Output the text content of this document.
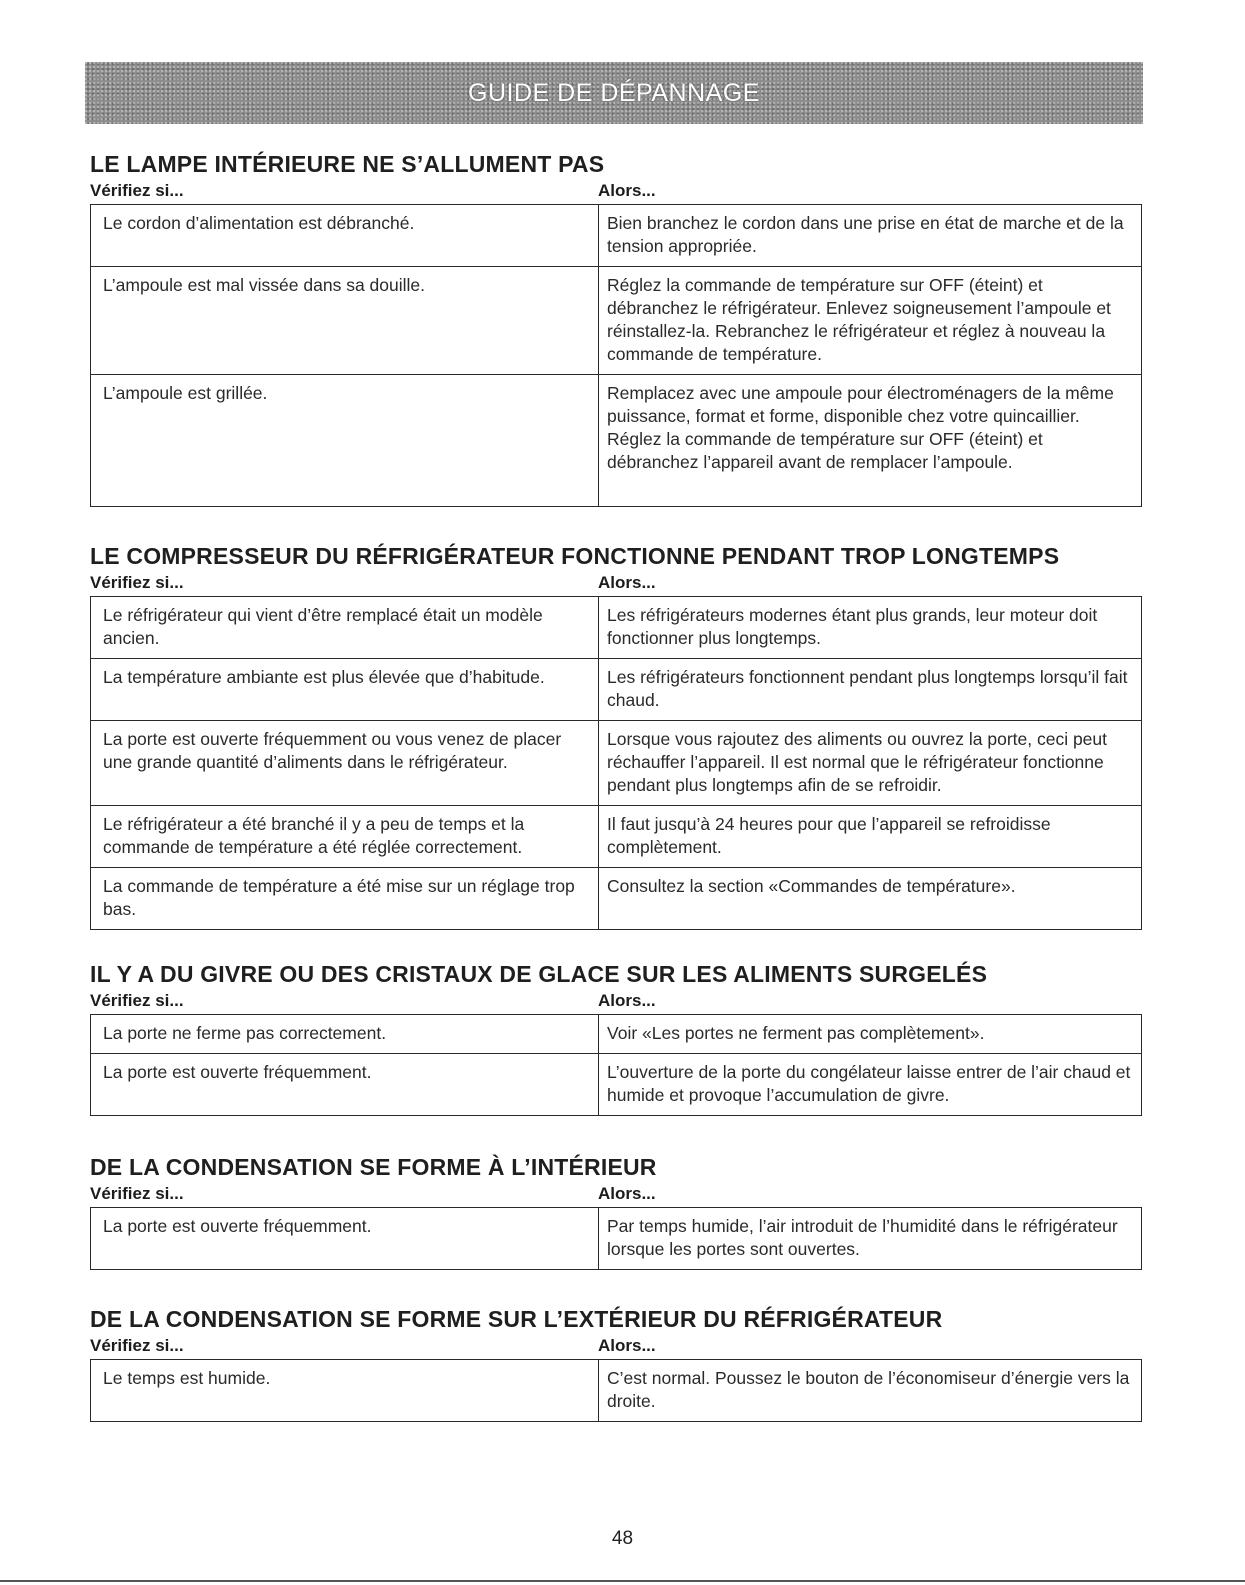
GUIDE DE DÉPANNAGE
LE LAMPE INTÉRIEURE NE S’ALLUMENT PAS
Vérifiez si...	Alors...
Le cordon d’alimentation est débranché.	Bien branchez le cordon dans une prise en état de marche et de la tension appropriée.
L’ampoule est mal vissée dans sa douille.	Réglez la commande de température sur OFF (éteint) et débranchez le réfrigérateur. Enlevez soigneusement l’ampoule et réinstallez-la. Rebranchez le réfrigérateur et réglez à nouveau la commande de température.
L’ampoule est grillée.	Remplacez avec une ampoule pour électroménagers de la même puissance, format et forme, disponible chez votre quincaillier. Réglez la commande de température sur OFF (éteint) et débranchez l’appareil avant de remplacer l’ampoule.
LE COMPRESSEUR DU RÉFRIGÉRATEUR FONCTIONNE PENDANT TROP LONGTEMPS
Vérifiez si...	Alors...
Le réfrigérateur qui vient d’être remplacé était un modèle ancien.	Les réfrigérateurs modernes étant plus grands, leur moteur doit fonctionner plus longtemps.
La température ambiante est plus élevée que d’habitude.	Les réfrigérateurs fonctionnent pendant plus longtemps lorsqu’il fait chaud.
La porte est ouverte fréquemment ou vous venez de placer une grande quantité d’aliments dans le réfrigérateur.	Lorsque vous rajoutez des aliments ou ouvrez la porte, ceci peut réchauffer l’appareil. Il est normal que le réfrigérateur fonctionne pendant plus longtemps afin de se refroidir.
Le réfrigérateur a été branché il y a peu de temps et la commande de température a été réglée correctement.	Il faut jusqu’à 24 heures pour que l’appareil se refroidisse complètement.
La commande de température a été mise sur un réglage trop bas.	Consultez la section «Commandes de température».
IL Y A DU GIVRE OU DES CRISTAUX DE GLACE SUR LES ALIMENTS SURGELÉS
Vérifiez si...	Alors...
La porte ne ferme pas correctement.	Voir «Les portes ne ferment pas complètement».
La porte est ouverte fréquemment.	L’ouverture de la porte du congélateur laisse entrer de l’air chaud et humide et provoque l’accumulation de givre.
DE LA CONDENSATION SE FORME À L’INTÉRIEUR
Vérifiez si...	Alors...
La porte est ouverte fréquemment.	Par temps humide, l’air introduit de l’humidité dans le réfrigérateur lorsque les portes sont ouvertes.
DE LA CONDENSATION SE FORME SUR L’EXTÉRIEUR DU RÉFRIGÉRATEUR
Vérifiez si...	Alors...
Le temps est humide.	C’est normal. Poussez le bouton de l’économiseur d’énergie vers la droite.
48
